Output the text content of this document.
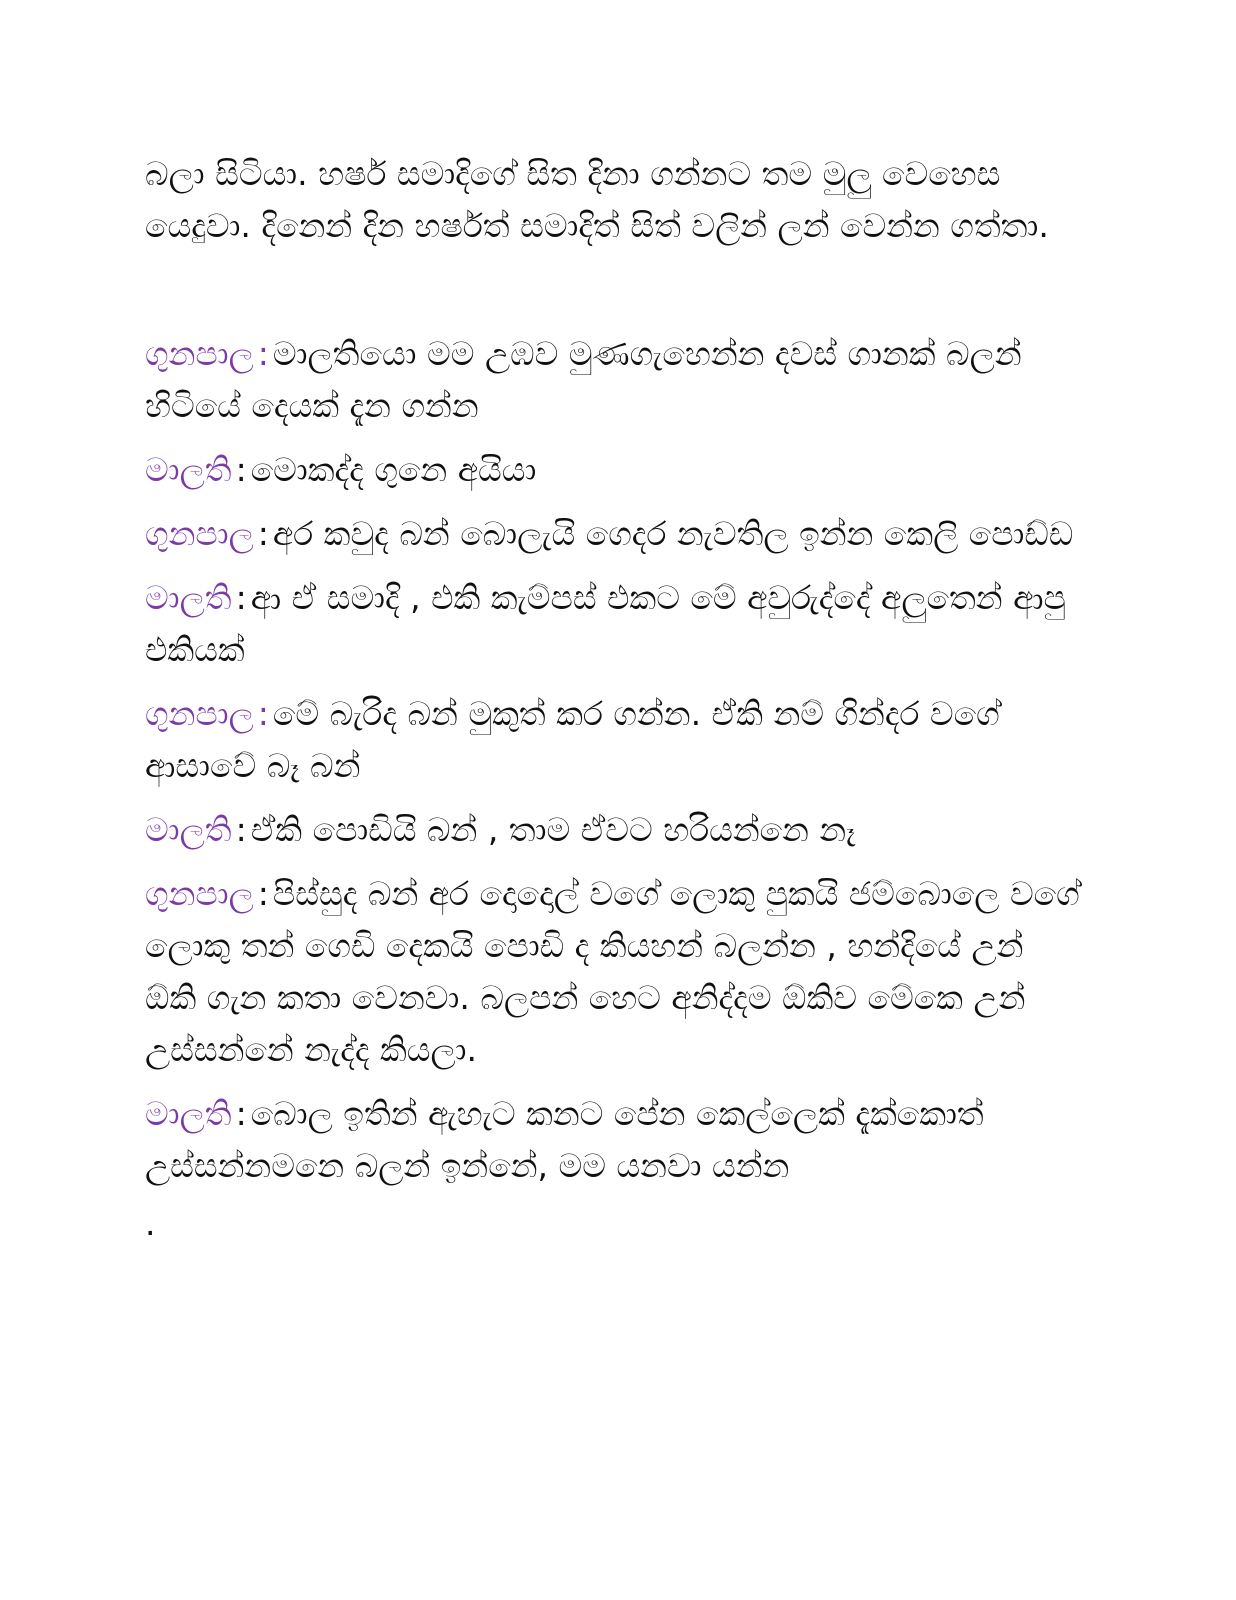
බලා සිටියා. හර්ෂ සමාදිගේ සිත දිනා ගන්නට තම මුලු වෙහෙස යෙදුවා. දිනෙන් දින හර්ෂත් සමාදිත් සිත් වලින් ලන් වෙන්න ගත්තා.

ගුනපාල : මාලතියො මම උඹව මුණගැහෙන්න දවස් ගානක් බලන් හිටියේ දෙයක් දැන ගන්න

මාලති : මොකද්ද ගුනෙ අයියා

ගුනපාල : අර කවුද බන් බොලැයි ගෙදර නැවතිල ඉන්න කෙලි පොඩ්ඩ

මාලති : ආ ඒ සමාදි , එකි කැම්පස් එකට මේ අවුරුද්දේ අලුතෙන් ආපු එකියක්

ගුනපාල : මේ බැරිද බන් මුකුත් කර ගන්න. ඒකි නම් ගින්දර වගේ ආසාවේ බෑ බන්

මාලති : ඒකි පොඩියි බන් , තාම ඒවට හරියන්නෙ නෑ

ගුනපාල : පිස්සුද බන් අර දොදොල් වගේ ලොකු පුකයි ජම්බොලෙ වගේ ලොකු තන් ගෙඩි දෙකයි පොඩි ද කියහන් බලන්න , හන්දියේ උන් ඕකි ගැන කතා වෙනවා. බලපන් හෙට අනිද්දම ඕකිව මේකෙ උන් උස්සන්නේ නැද්ද කියලා.

මාලති : බොල ඉතින් ඇහැට කනට පේන කෙල්ලෙක් දැක්කොත් උස්සන්නමනෙ බලන් ඉන්නේ, මම යනවා යන්න

.
